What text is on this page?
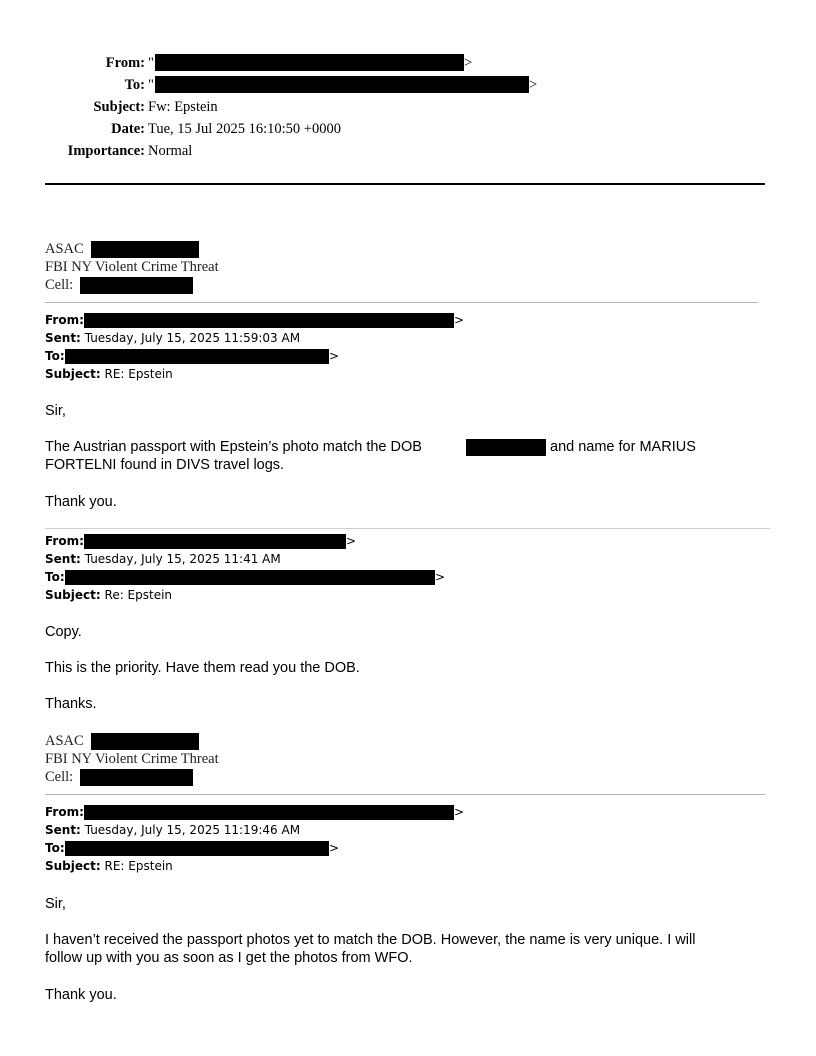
From: "	>
To: "	>
Subject: Fw: Epstein
Date: Tue, 15 Jul 2025 16:10:50 +0000
Importance: Normal
ASAC
FBI NY Violent Crime Threat
Cell:
From:	>
Sent: Tuesday, July 15, 2025 11:59:03 AM
To:	>
Subject: RE: Epstein
Sir,
The Austrian passport with Epstein’s photo match the DOB	and name for MARIUS
FORTELNI found in DIVS travel logs.
Thank you.
From:	>
Sent: Tuesday, July 15, 2025 11:41 AM
To:	>
Subject: Re: Epstein
Copy.
This is the priority. Have them read you the DOB.
Thanks.
ASAC
FBI NY Violent Crime Threat
Cell:
From:	>
Sent: Tuesday, July 15, 2025 11:19:46 AM
To:	>
Subject: RE: Epstein
Sir,
I haven’t received the passport photos yet to match the DOB. However, the name is very unique. I will
follow up with you as soon as I get the photos from WFO.
Thank you.
